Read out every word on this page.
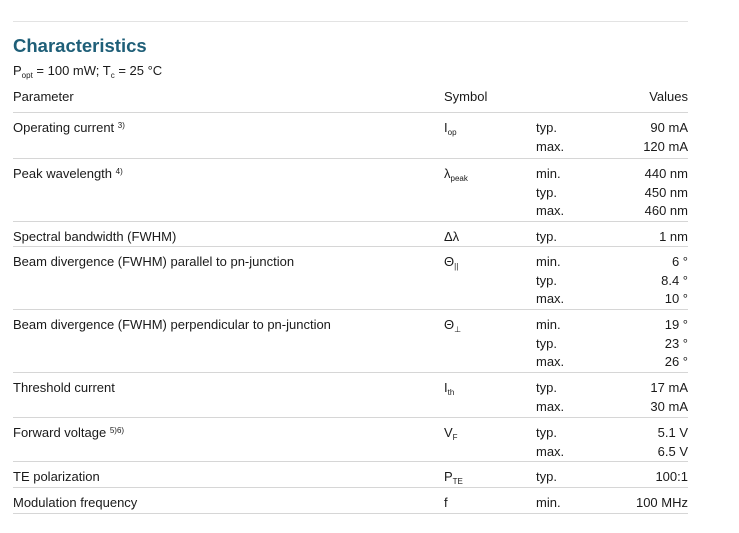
Characteristics
$P_{opt} = 100$ mW; $T_c = 25$ °C
Parameter	Symbol	Values
Operating current $^{3)}$	$I_{op}$	typ.	90 mA
max.	120 mA
Peak wavelength $^{4)}$	$\lambda_{peak}$	min.	440 nm
typ.	450 nm
max.	460 nm
Spectral bandwidth (FWHM)	Δλ	typ.	1 nm
Beam divergence (FWHM) parallel to pn-junction	$\Theta_{||}$	min.	6 °
typ.	8.4 °
max.	10 °
Beam divergence (FWHM) perpendicular to pn-junction	$\Theta_\perp$	min.	19 °
typ.	23 °
max.	26 °
Threshold current	$I_{th}$	typ.	17 mA
max.	30 mA
Forward voltage $^{5)6)}$	$V_F$	typ.	5.1 V
max.	6.5 V
TE polarization	$P_{TE}$	typ.	100:1
Modulation frequency	f	min.	100 MHz
